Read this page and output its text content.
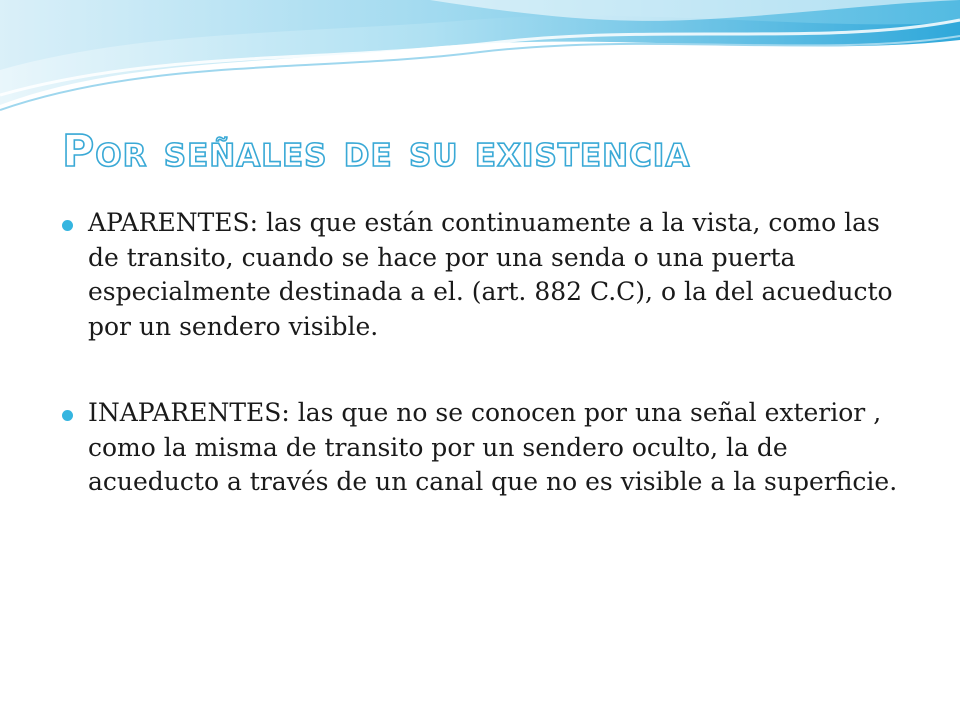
Por señales de su existencia
APARENTES: las que están continuamente a la vista, como las de transito, cuando se hace por una senda o una puerta especialmente destinada a el. (art. 882 C.C), o la del acueducto por un sendero visible.
INAPARENTES: las que no se conocen por una señal exterior , como la misma de transito por un sendero oculto, la de acueducto a través de un canal que no es visible a la superficie.
